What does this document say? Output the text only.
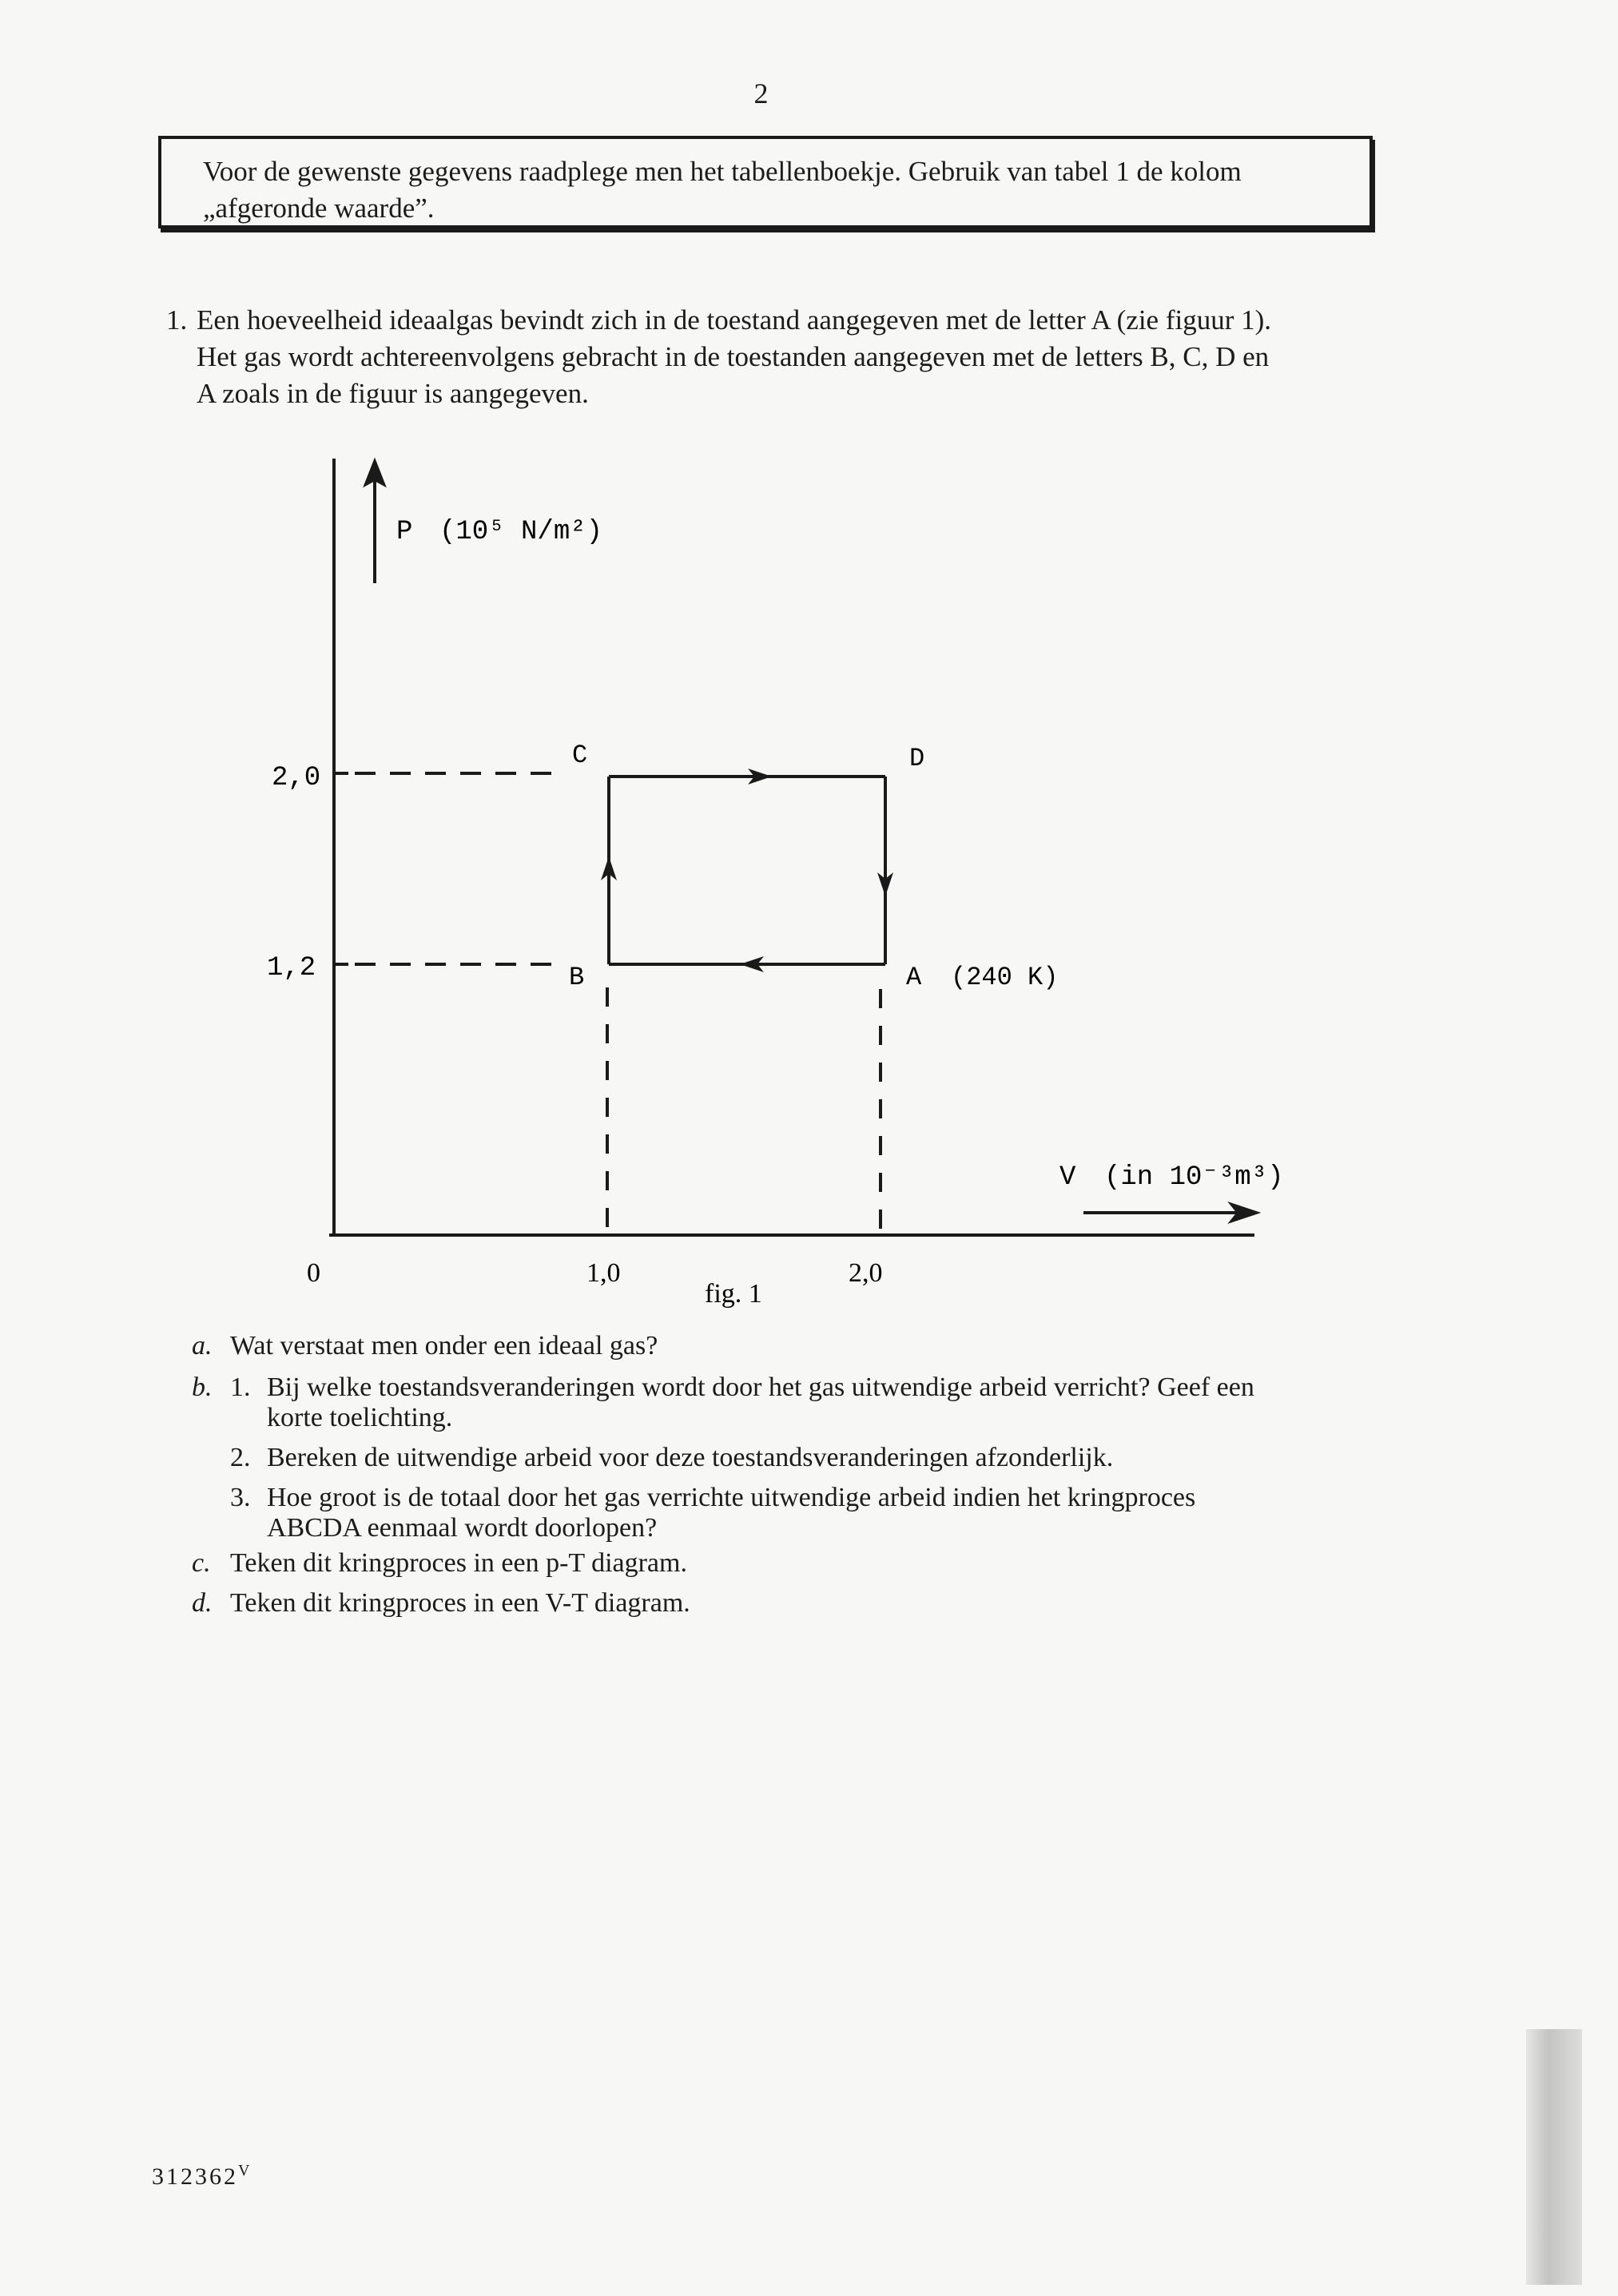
2
Voor de gewenste gegevens raadplege men het tabellenboekje. Gebruik van tabel 1 de kolom „afgeronde waarde”.
1. Een hoeveelheid ideaalgas bevindt zich in de toestand aangegeven met de letter A (zie figuur 1).
Het gas wordt achtereenvolgens gebracht in de toestanden aangegeven met de letters B, C, D en
A zoals in de figuur is aangegeven.
P (10⁵ N/m²)
V (in 10⁻³m³)
2,0
1,2
C	D
B	A (240 K)
0	1,0	2,0
fig. 1
a. Wat verstaat men onder een ideaal gas?
b. 1. Bij welke toestandsveranderingen wordt door het gas uitwendige arbeid verricht? Geef een
korte toelichting.
2. Bereken de uitwendige arbeid voor deze toestandsveranderingen afzonderlijk.
3. Hoe groot is de totaal door het gas verrichte uitwendige arbeid indien het kringproces
ABCDA eenmaal wordt doorlopen?
c. Teken dit kringproces in een p-T diagram.
d. Teken dit kringproces in een V-T diagram.
$312362^V$
